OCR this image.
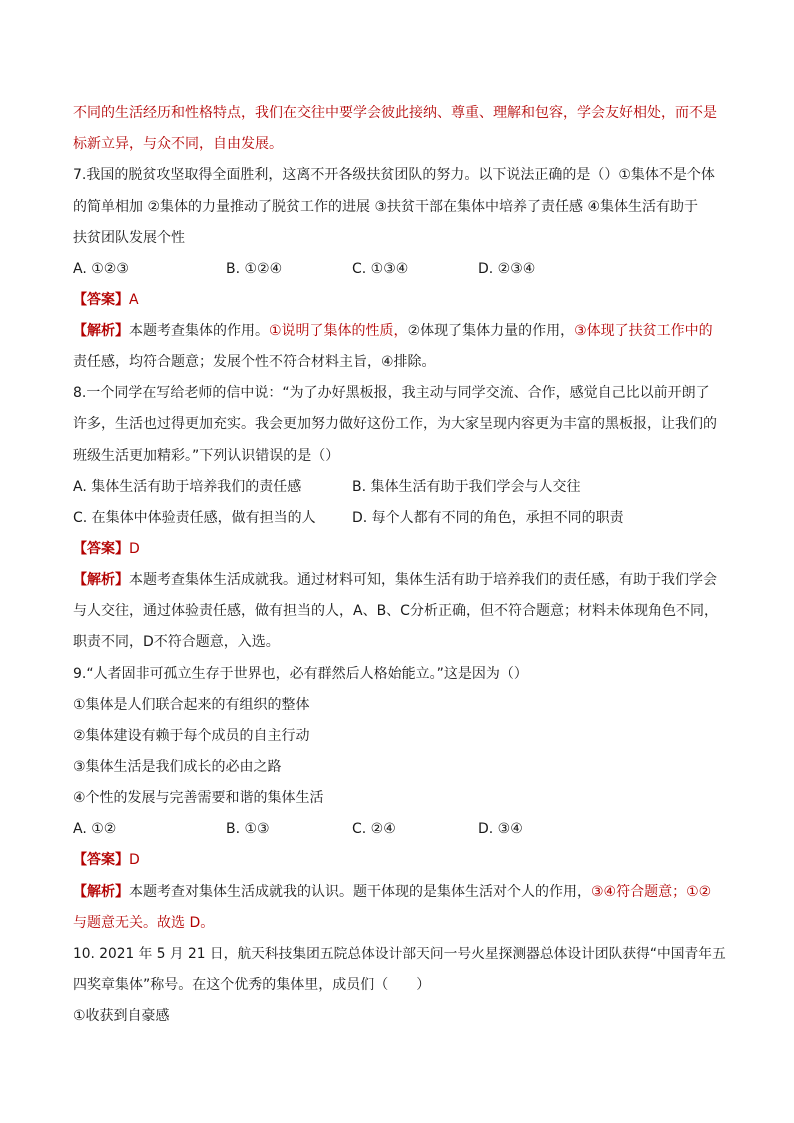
不同的生活经历和性格特点，我们在交往中要学会彼此接纳、尊重、理解和包容，学会友好相处，而不是
标新立异，与众不同，自由发展。
7.我国的脱贫攻坚取得全面胜利，这离不开各级扶贫团队的努力。以下说法正确的是（）①集体不是个体
的简单相加 ②集体的力量推动了脱贫工作的进展 ③扶贫干部在集体中培养了责任感 ④集体生活有助于
扶贫团队发展个性
A. ①②③	B. ①②④	C. ①③④	D. ②③④
【答案】A
【解析】本题考查集体的作用。①说明了集体的性质，②体现了集体力量的作用，③体现了扶贫工作中的
责任感，均符合题意；发展个性不符合材料主旨，④排除。
8.一个同学在写给老师的信中说：“为了办好黑板报，我主动与同学交流、合作，感觉自己比以前开朗了
许多，生活也过得更加充实。我会更加努力做好这份工作，为大家呈现内容更为丰富的黑板报，让我们的
班级生活更加精彩。”下列认识错误的是（）
A. 集体生活有助于培养我们的责任感	B. 集体生活有助于我们学会与人交往
C. 在集体中体验责任感，做有担当的人	D. 每个人都有不同的角色，承担不同的职责
【答案】D
【解析】本题考查集体生活成就我。通过材料可知，集体生活有助于培养我们的责任感，有助于我们学会
与人交往，通过体验责任感，做有担当的人，A、B、C分析正确，但不符合题意；材料未体现角色不同，
职责不同，D不符合题意，入选。
9.“人者固非可孤立生存于世界也，必有群然后人格始能立。”这是因为（）
①集体是人们联合起来的有组织的整体
②集体建设有赖于每个成员的自主行动
③集体生活是我们成长的必由之路
④个性的发展与完善需要和谐的集体生活
A. ①②	B. ①③	C. ②④	D. ③④
【答案】D
【解析】本题考查对集体生活成就我的认识。题干体现的是集体生活对个人的作用，③④符合题意；①②
与题意无关。故选 D。
10. 2021 年 5 月 21 日，航天科技集团五院总体设计部天问一号火星探测器总体设计团队获得“中国青年五
四奖章集体”称号。在这个优秀的集体里，成员们（　　）
①收获到自豪感
